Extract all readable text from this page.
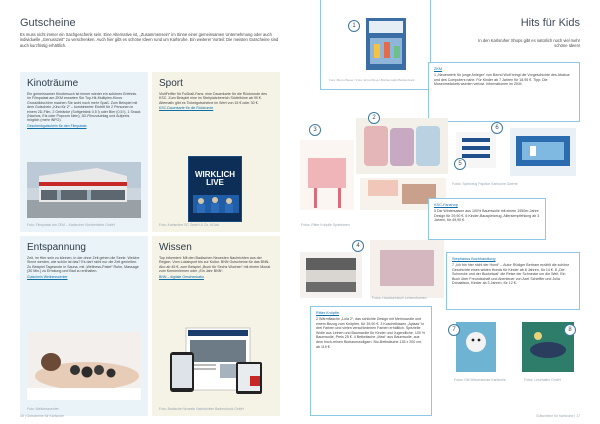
Gutscheine
Es muss nicht immer ein Sachgeschenk sein. Eine Alternative ist, „Zusammensein“ im Sinne einer gemeinsamen Unternehmung oder auch individuelle „Genusszeit“ zu verschenken. Auch hier gibt es schöne Ideen rund um Karlsruhe. Ein weiterer Vorteil: Die meisten Gutscheine sind auch kurzfristig erhältlich.
Kinoträume
Ein gemeinsamer Kinobesuch ist immer wieder ein schönes Erlebnis. Im Filmpalast am ZKM erwarten Sie Top-Hit-Multiplex-Kinos Grossbildschirm machen Sie wohl noch mehr Spaß. Zum Beispiel mit dem Gutschein „Kino für 2“ – kombinierter Eintritt für 2 Personen in einem 2D-Film, 2 Getränke (Softgetränk 0,5 l) oder Bier (0,5 l), 1 Snack (Nachos, Eis oder Popcorn klein), 3D-Filmzuschlag und Aufpreis möglich (mehr INFO).
Geschenkgutschein für den Filmpalast
Foto: Filmpalast am ZKM – Karlsruher Kinobetriebe GmbH
Sport
VisitFeiffer für Fußball-Fans: eine Dauerkarte für die Rückrunde des KSC. Zum Beispiel eine im Stehplatzbereich Südtribüne ab 99 €. Alternativ gibt es Ticketgutscheine im Wert von 15 € oder 30 €.
KSC-Dauerkarte für die Rückrunde
WIRKLICH LIVE
Foto: Karlsruher SC GmbH & Co. KGaA
Entspannung
Zeit, im Hier sein zu können, in der ohne Zeit gehen die Seele. Welche Sinne werden, wie schön ist das? Es darf nicht nur die Zeit genießen. Zu Beispiel Tagesnote in Sauna, mit „Wellness-Paket“ Ruhe, Massage (30 Min.) zu Erholung und Bad zu enthalten.
Gutschein Wellnesscenter
Foto: Wellnesscenter
Wissen
Top informiert: Mit den Badischen Neuesten Nachrichten aus der Region. Vom Lokalsport bis zur Kultur. BNN Gutscheine für das BNN-Abo ab 45 €, zum Beispiel „Buch für Sechs Wochen“ mit einem Monat zum Kennenlernen oder „Ein Jahr BNN“.
BNN – digitale Geschenkabo
Foto: Badische Neueste Nachrichten Badendruck GmbH
18 | Gutscheine für Karlsruhe
Foto: Bruno Bauer / Foto: Ernst Meyer Büchermarkt Badendruck
1	Hits für Kids
In den Karlsruher Shops gibt es natürlich noch viel mehr schöne Ideen!
ZKM
1 „Neuerwerb für junge Anleger“ von Bernd Wolf bringt die Vorgeschichte des Abakus und des Computers nahe. Für Kinder ab 7 Jahren für 18,95 €. Tipp: Die Museumstickets wurden verlost. Informationen im ZKM.
2
3
Fotos: Ritter Knöpfle Spielwaren
4
Fotos: Handwebstuhl Lebensformen
Ritter Knöpfle
2 Wärmflasche „Lola 2“, das schlichte Design mit Merinowolle und einem Bezug zum Knöpfen, für 39,90 €. 3 Kuschelkissen „Aylaas“ in drei Farben und vielen verschiedenen Farben erhältlich. Spezielle Wolle aus Leinen und Baumwolle für Kinder und Jugendliche, 100 % Baumwolle, Preis 25 €. 4 Bettwäsche „Maxi“ aus Baumwolle, aus dem hoch-reinen Biobaumwollgarn. Bio-Bettwäsche 135 x 200 cm, ab 119 €.
6
5
Fotos: Spielzeug Papillon Karlsruhe Galerie
KSC-Fanshop
5 Die Wintersaison aus 100% Baumwolle mit einem 1950er-Jahre Design für 29,90 €. 6 Kinder-Bauspielzeug, Altersempfehlung ab 3 Jahren, für 49,90 €.
Stephanus Buchhandlung
7 „Ich bin hier nicht der Hund“ – Autor Rüdiger Bertram erzählt die schöne Geschichte eines wilden Hunds für Kinder ab 8 Jahren, für 14 €. 8 „Die Schnecke und der Buckelwal“ die Reise der Schnecke um die Welt. Ein Buch über Freundschaft und Abenteuer von Axel Scheffler und Julia Donaldson, Kinder ab 3 Jahren, für 12 €.
7	8
Fotos: Die Wissensecke Karlsruhe	Fotos: Lesehafen GmbH
Gutscheine für Karlsruhe | 17
